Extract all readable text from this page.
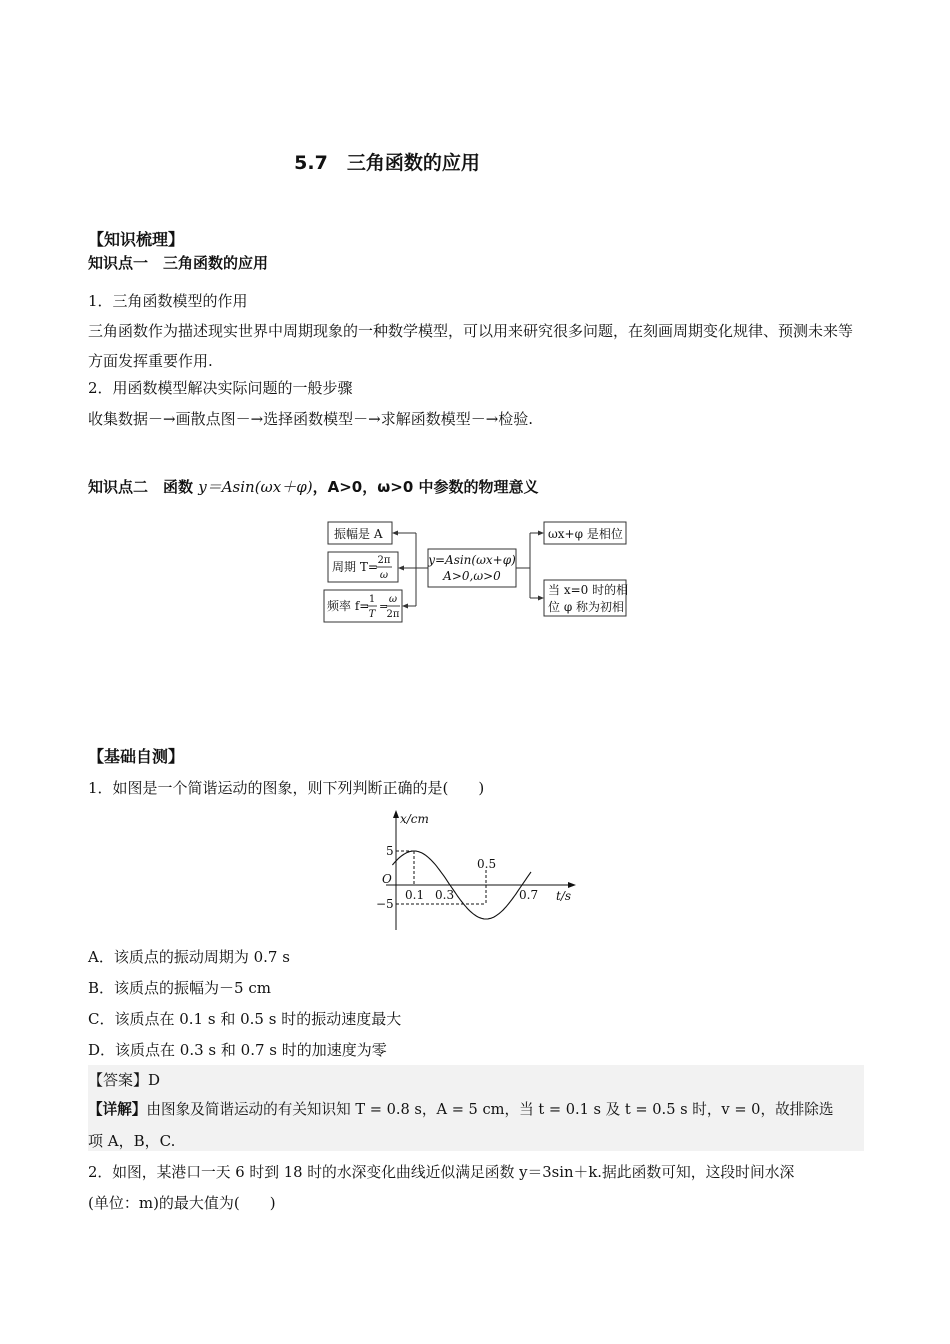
5.7　三角函数的应用
【知识梳理】
知识点一　三角函数的应用
1．三角函数模型的作用
三角函数作为描述现实世界中周期现象的一种数学模型，可以用来研究很多问题，在刻画周期变化规律、预测未来等方面发挥重要作用.
2．用函数模型解决实际问题的一般步骤
收集数据－→画散点图－→选择函数模型－→求解函数模型－→检验.
知识点二　函数 y＝Asin(ωx＋φ)，A>0，ω>0 中参数的物理意义
【基础自测】
1．如图是一个简谐运动的图象，则下列判断正确的是(　　)
A．该质点的振动周期为 0.7 s
B．该质点的振幅为－5 cm
C．该质点在 0.1 s 和 0.5 s 时的振动速度最大
D．该质点在 0.3 s 和 0.7 s 时的加速度为零
【答案】D
【详解】由图象及简谐运动的有关知识知 T = 0.8 s，A = 5 cm，当 t = 0.1 s 及 t = 0.5 s 时，v = 0，故排除选
项 A，B，C.
2．如图，某港口一天 6 时到 18 时的水深变化曲线近似满足函数 y＝3sin＋k.据此函数可知，这段时间水深
(单位：m)的最大值为(　　)
y=Asin(ωx+φ)
A>0,ω>0
振幅是 A
周期 T= 2π
ω
频率 f= 1
T
=
ω
2π
ωx+φ 是相位
当 x=0 时的相
位 φ 称为初相
x/cm
t/s
O
5
−5
0.1 0.3
0.5
0.7
